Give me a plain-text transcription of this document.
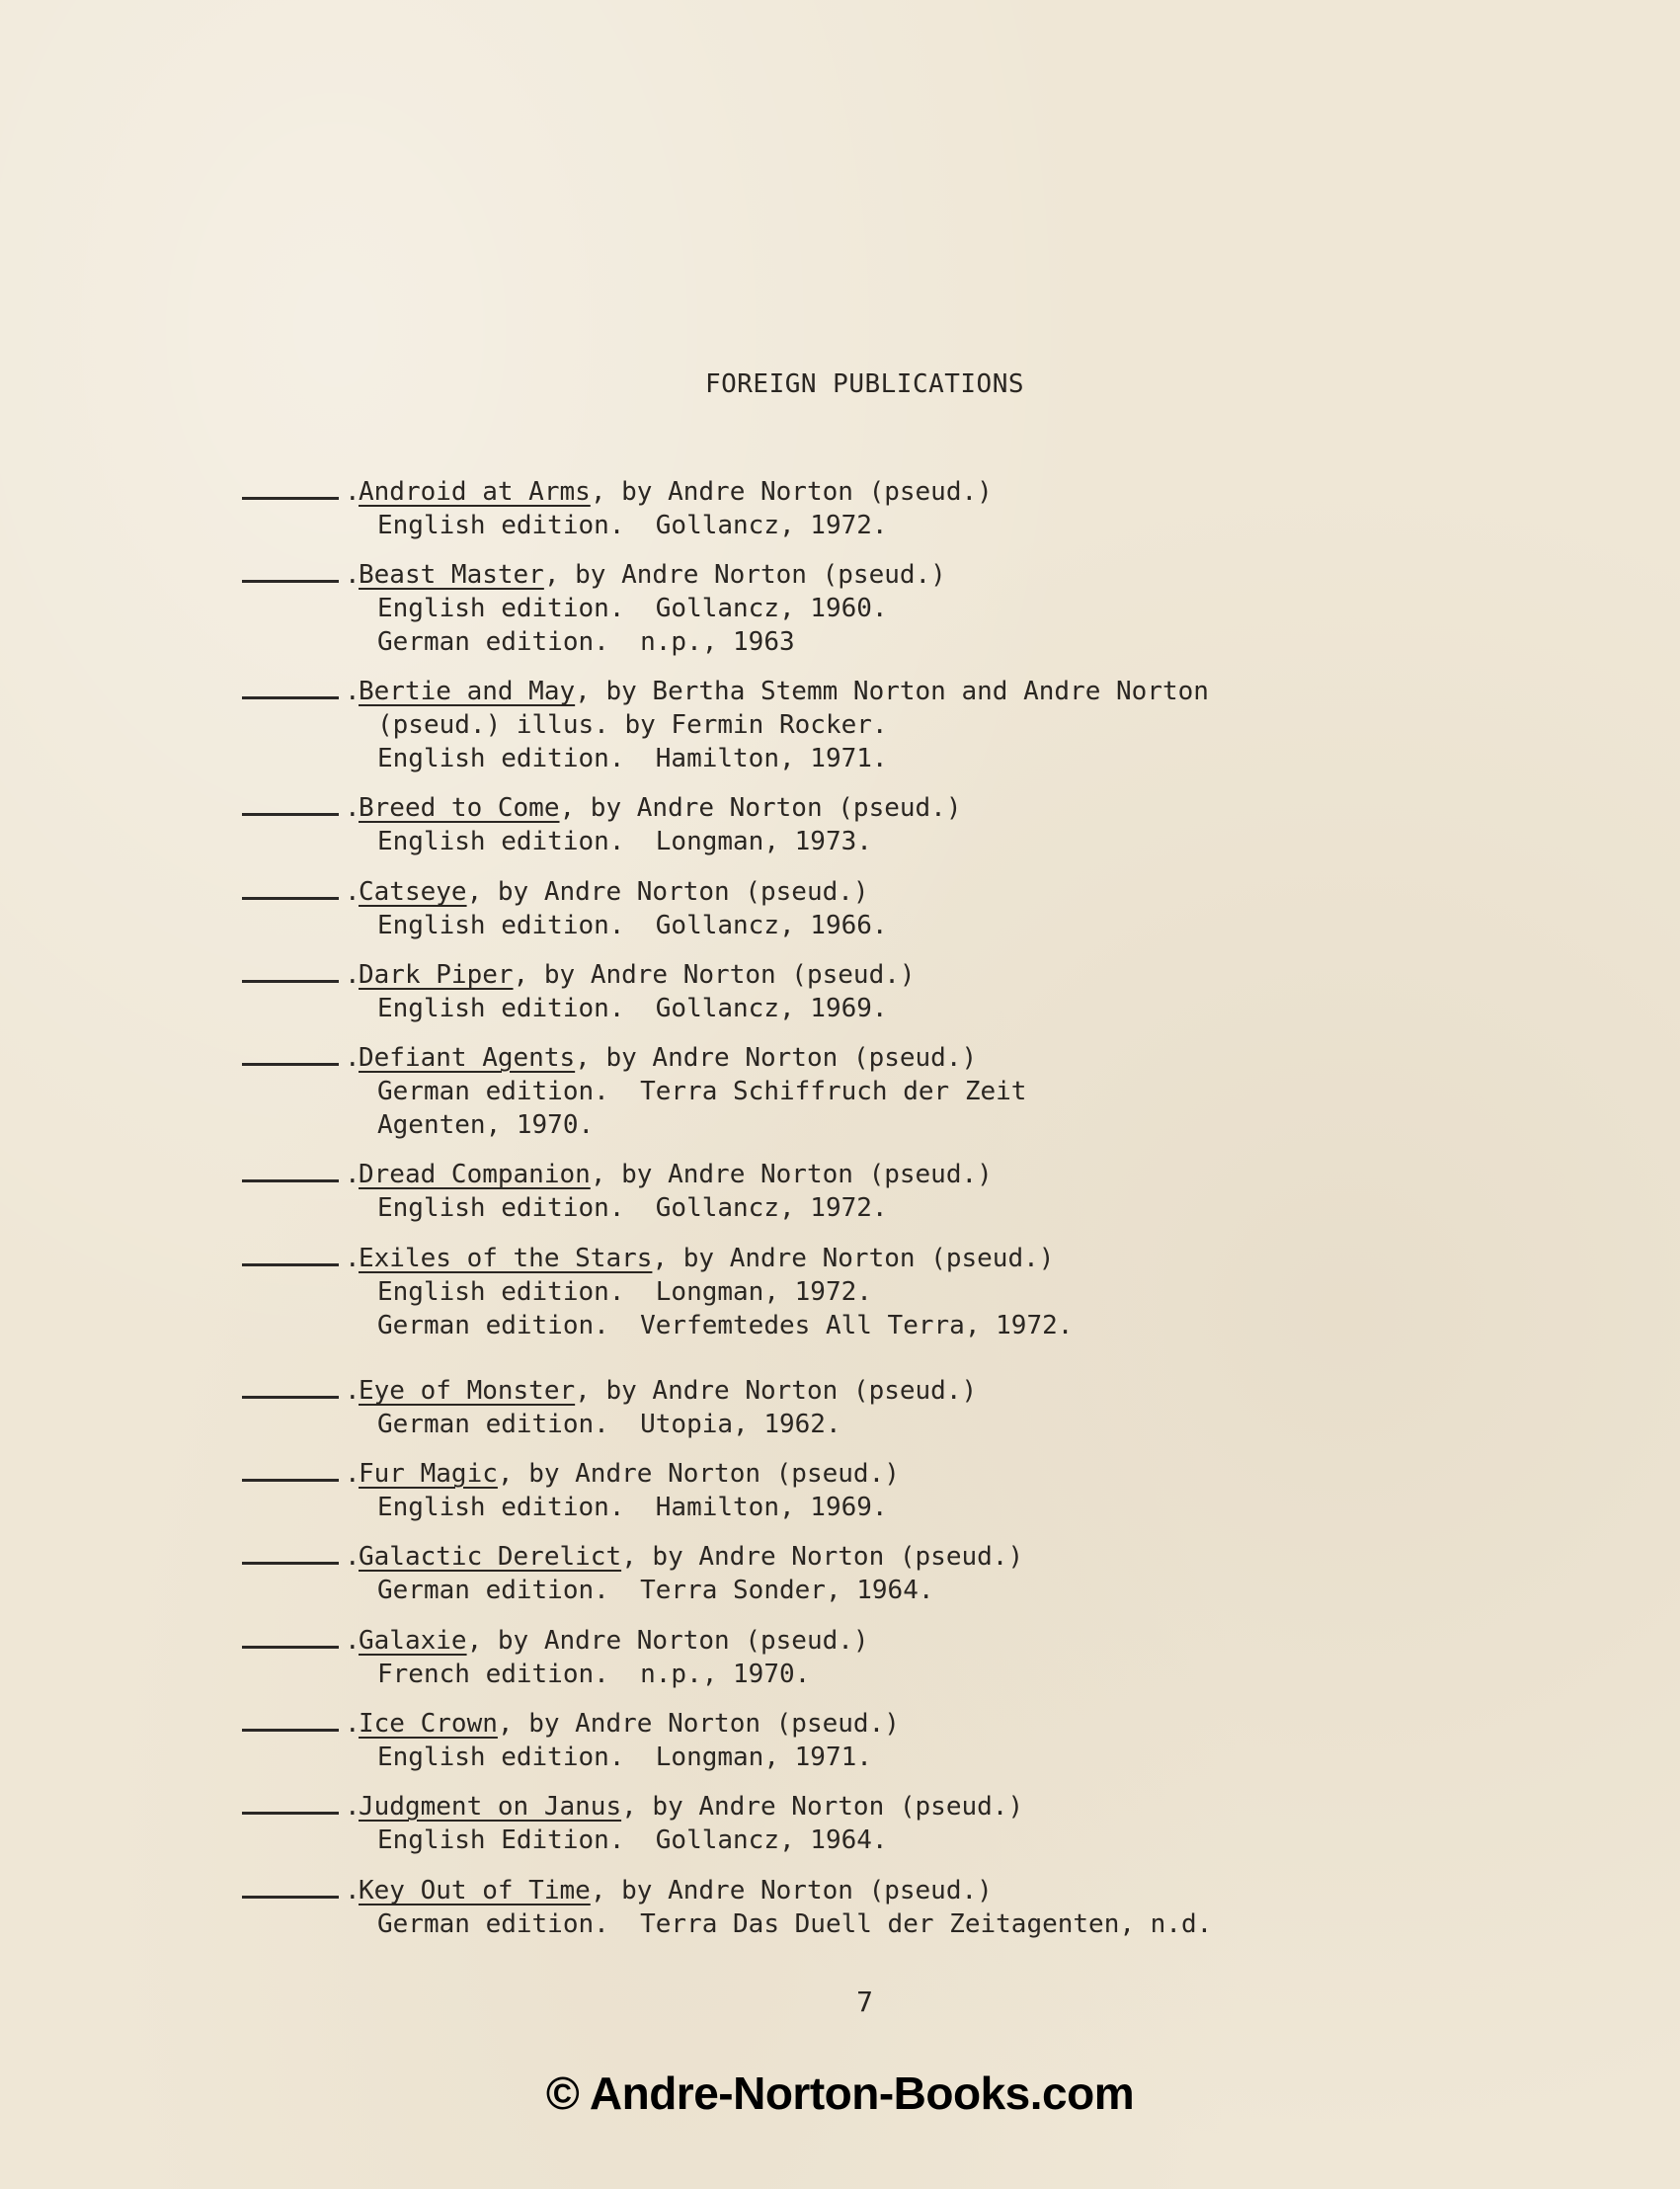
FOREIGN PUBLICATIONS
.Android at Arms, by Andre Norton (pseud.)
English edition.  Gollancz, 1972.
.Beast Master, by Andre Norton (pseud.)
English edition.  Gollancz, 1960.
German edition.  n.p., 1963
.Bertie and May, by Bertha Stemm Norton and Andre Norton
(pseud.) illus. by Fermin Rocker.
English edition.  Hamilton, 1971.
.Breed to Come, by Andre Norton (pseud.)
English edition.  Longman, 1973.
.Catseye, by Andre Norton (pseud.)
English edition.  Gollancz, 1966.
.Dark Piper, by Andre Norton (pseud.)
English edition.  Gollancz, 1969.
.Defiant Agents, by Andre Norton (pseud.)
German edition.  Terra Schiffruch der Zeit
Agenten, 1970.
.Dread Companion, by Andre Norton (pseud.)
English edition.  Gollancz, 1972.
.Exiles of the Stars, by Andre Norton (pseud.)
English edition.  Longman, 1972.
German edition.  Verfemtedes All Terra, 1972.
.Eye of Monster, by Andre Norton (pseud.)
German edition.  Utopia, 1962.
.Fur Magic, by Andre Norton (pseud.)
English edition.  Hamilton, 1969.
.Galactic Derelict, by Andre Norton (pseud.)
German edition.  Terra Sonder, 1964.
.Galaxie, by Andre Norton (pseud.)
French edition.  n.p., 1970.
.Ice Crown, by Andre Norton (pseud.)
English edition.  Longman, 1971.
.Judgment on Janus, by Andre Norton (pseud.)
English Edition.  Gollancz, 1964.
.Key Out of Time, by Andre Norton (pseud.)
German edition.  Terra Das Duell der Zeitagenten, n.d.
7
© Andre-Norton-Books.com
